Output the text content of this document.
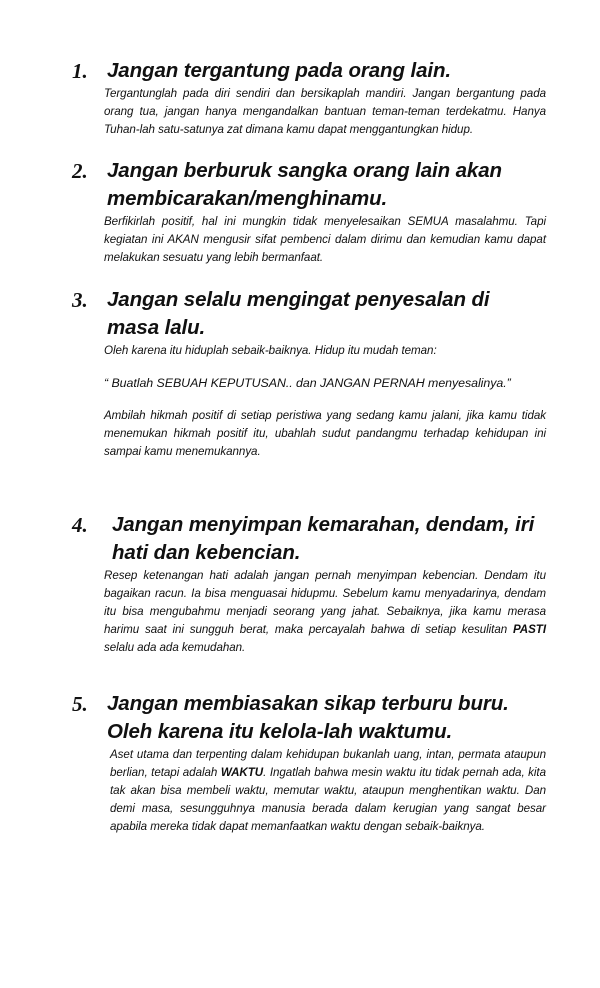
1. Jangan tergantung pada orang lain.
Tergantunglah pada diri sendiri dan bersikaplah mandiri. Jangan bergantung pada orang tua, jangan hanya mengandalkan bantuan teman-teman terdekatmu. Hanya Tuhan-lah satu-satunya zat dimana kamu dapat menggantungkan hidup.
2. Jangan berburuk sangka orang lain akan membicarakan/menghinamu.
Berfikirlah positif, hal ini mungkin tidak menyelesaikan SEMUA masalahmu. Tapi kegiatan ini AKAN mengusir sifat pembenci dalam dirimu dan kemudian kamu dapat melakukan sesuatu yang lebih bermanfaat.
3. Jangan selalu mengingat penyesalan di masa lalu.
Oleh karena itu hiduplah sebaik-baiknya. Hidup itu mudah teman:
“ Buatlah SEBUAH KEPUTUSAN.. dan JANGAN PERNAH menyesalinya.”
Ambilah hikmah positif di setiap peristiwa yang sedang kamu jalani, jika kamu tidak menemukan hikmah positif itu, ubahlah sudut pandangmu terhadap kehidupan ini sampai kamu menemukannya.
4. Jangan menyimpan kemarahan, dendam, iri hati dan kebencian.
Resep ketenangan hati adalah jangan pernah menyimpan kebencian. Dendam itu bagaikan racun. Ia bisa menguasai hidupmu. Sebelum kamu menyadarinya, dendam itu bisa mengubahmu menjadi seorang yang jahat. Sebaiknya, jika kamu merasa harimu saat ini sungguh berat, maka percayalah bahwa di setiap kesulitan PASTI selalu ada ada kemudahan.
5. Jangan membiasakan sikap terburu buru. Oleh karena itu kelola-lah waktumu.
Aset utama dan terpenting dalam kehidupan bukanlah uang, intan, permata ataupun berlian, tetapi adalah WAKTU. Ingatlah bahwa mesin waktu itu tidak pernah ada, kita tak akan bisa membeli waktu, memutar waktu, ataupun menghentikan waktu. Dan demi masa, sesungguhnya manusia berada dalam kerugian yang sangat besar apabila mereka tidak dapat memanfaatkan waktu dengan sebaik-baiknya.
